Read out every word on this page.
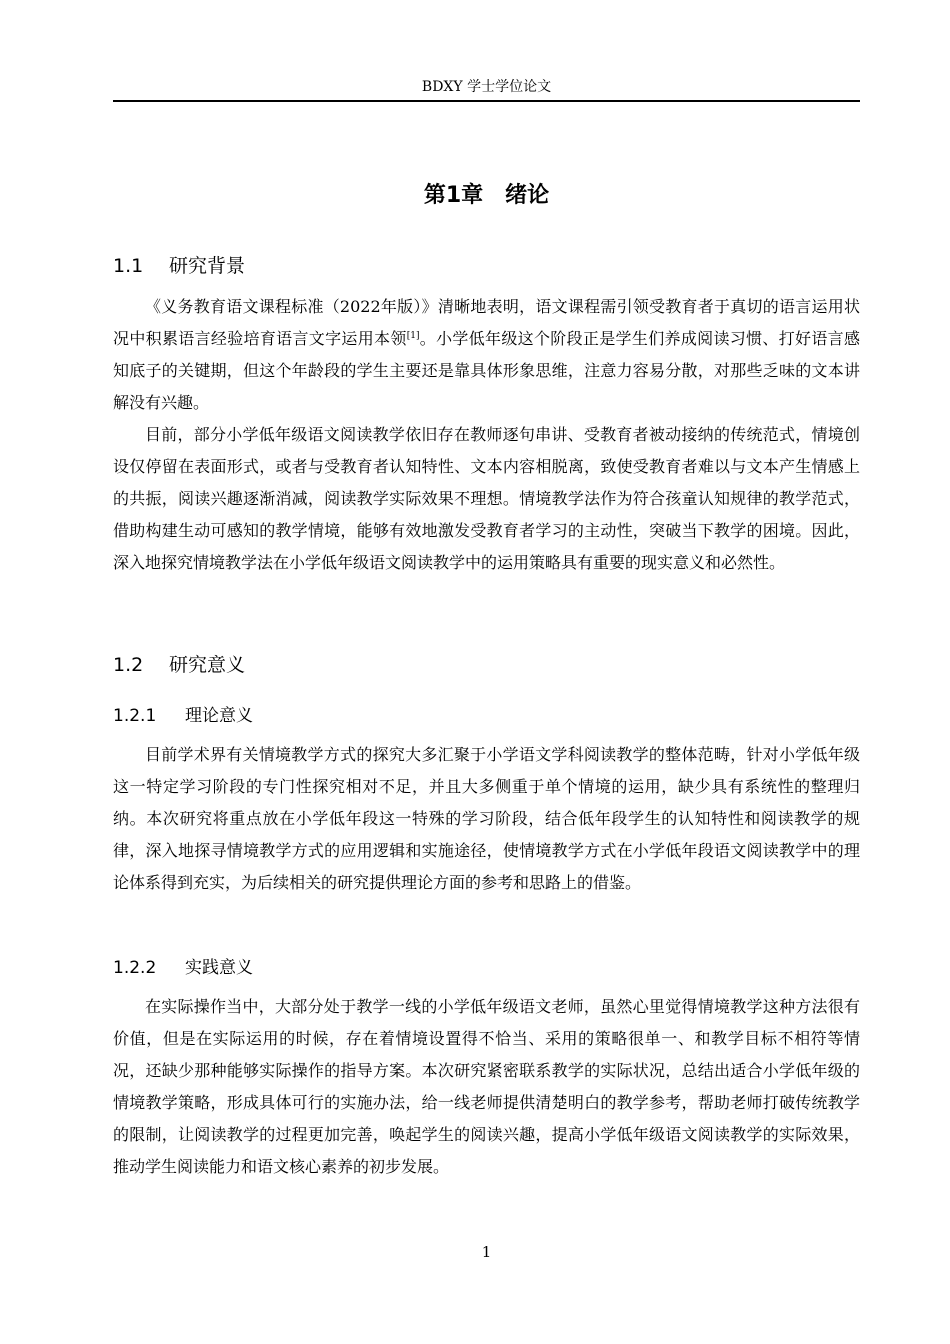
BDXY 学士学位论文
第1章 绪论
1.1 研究背景

《义务教育语文课程标准（2022年版）》清晰地表明，语文课程需引领受教育者于真切的语言运用状况中积累语言经验培育语言文字运用本领[1]。小学低年级这个阶段正是学生们养成阅读习惯、打好语言感知底子的关键期，但这个年龄段的学生主要还是靠具体形象思维，注意力容易分散，对那些乏味的文本讲解没有兴趣。

目前，部分小学低年级语文阅读教学依旧存在教师逐句串讲、受教育者被动接纳的传统范式，情境创设仅停留在表面形式，或者与受教育者认知特性、文本内容相脱离，致使受教育者难以与文本产生情感上的共振，阅读兴趣逐渐消减，阅读教学实际效果不理想。情境教学法作为符合孩童认知规律的教学范式，借助构建生动可感知的教学情境，能够有效地激发受教育者学习的主动性，突破当下教学的困境。因此，深入地探究情境教学法在小学低年级语文阅读教学中的运用策略具有重要的现实意义和必然性。

1.2 研究意义
1.2.1 理论意义

目前学术界有关情境教学方式的探究大多汇聚于小学语文学科阅读教学的整体范畴，针对小学低年级这一特定学习阶段的专门性探究相对不足，并且大多侧重于单个情境的运用，缺少具有系统性的整理归纳。本次研究将重点放在小学低年段这一特殊的学习阶段，结合低年段学生的认知特性和阅读教学的规律，深入地探寻情境教学方式的应用逻辑和实施途径，使情境教学方式在小学低年段语文阅读教学中的理论体系得到充实，为后续相关的研究提供理论方面的参考和思路上的借鉴。

1.2.2 实践意义

在实际操作当中，大部分处于教学一线的小学低年级语文老师，虽然心里觉得情境教学这种方法很有价值，但是在实际运用的时候，存在着情境设置得不恰当、采用的策略很单一、和教学目标不相符等情况，还缺少那种能够实际操作的指导方案。本次研究紧密联系教学的实际状况，总结出适合小学低年级的情境教学策略，形成具体可行的实施办法，给一线老师提供清楚明白的教学参考，帮助老师打破传统教学的限制，让阅读教学的过程更加完善，唤起学生的阅读兴趣，提高小学低年级语文阅读教学的实际效果，推动学生阅读能力和语文核心素养的初步发展。

1
